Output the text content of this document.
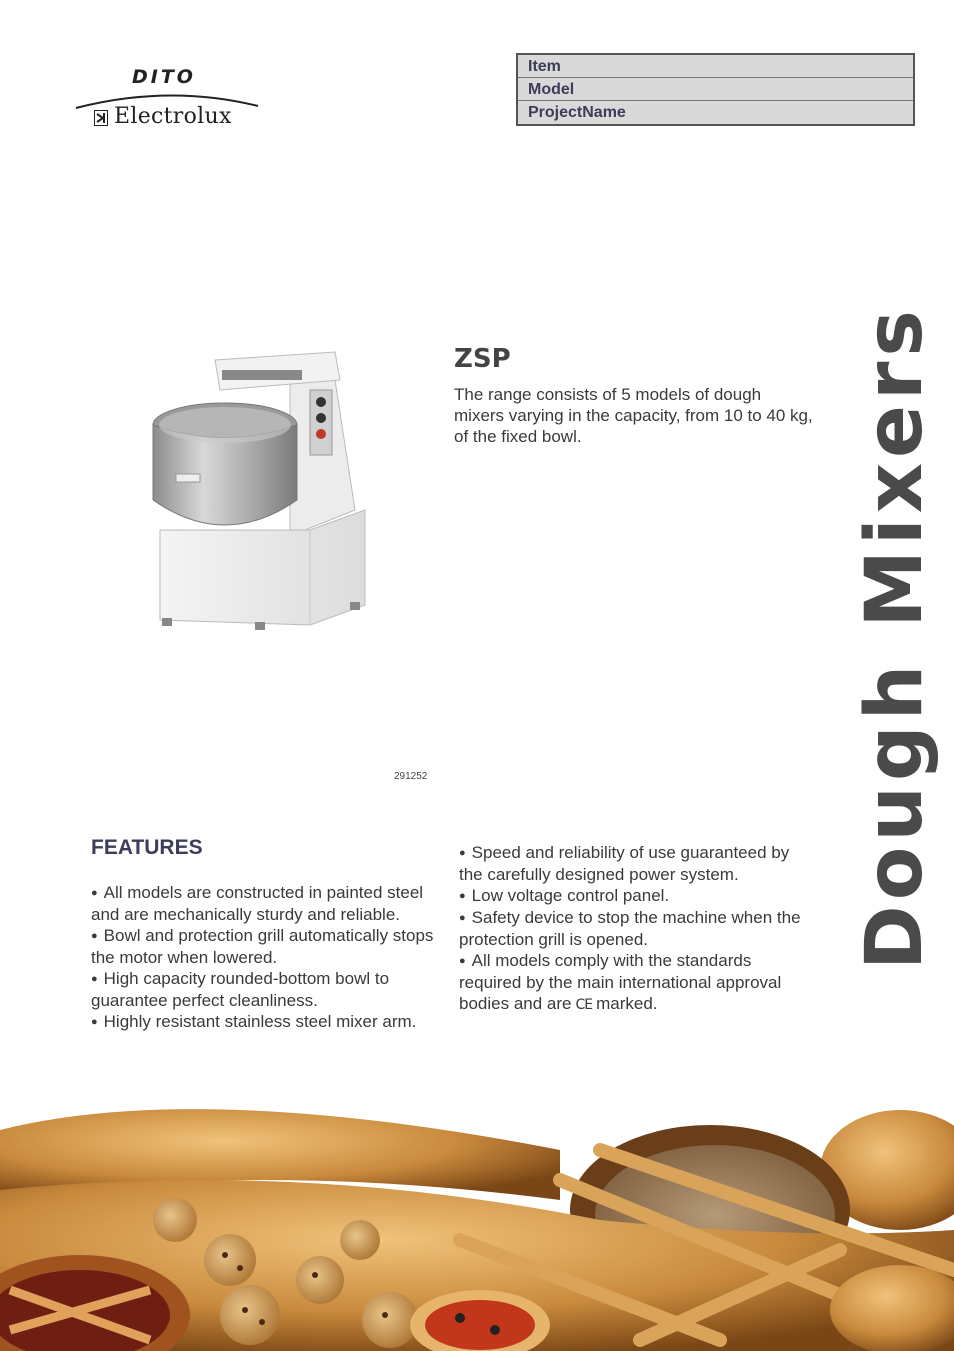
DITO
Electrolux
Item
Model
ProjectName
291252
ZSP
The range consists of 5 models of dough mixers varying in the capacity, from 10 to 40 kg, of the fixed bowl.	Dough Mixers
FEATURES
● All models are constructed in painted steel and are mechanically sturdy and reliable.
● Bowl and protection grill automatically stops the motor when lowered.
● High capacity rounded-bottom bowl to guarantee perfect cleanliness.
● Highly resistant stainless steel mixer arm.
● Speed and reliability of use guaranteed by the carefully designed power system.
● Low voltage control panel.
● Safety device to stop the machine when the protection grill is opened.
● All models comply with the standards required by the main international approval bodies and are CE marked.
